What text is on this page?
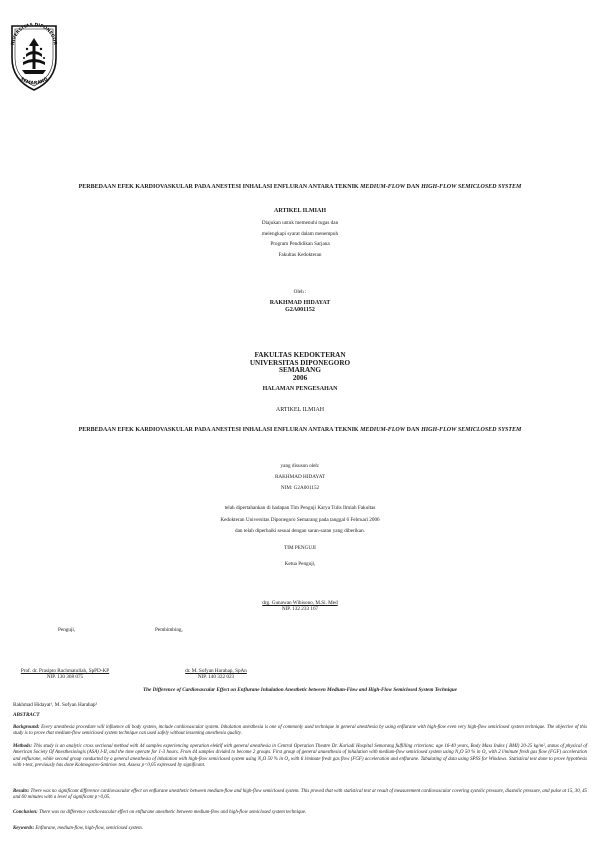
NIVERSITAS DIPONEGOR
SEMARANG
PERBEDAAN EFEK KARDIOVASKULAR PADA ANESTESI INHALASI ENFLURAN ANTARA TEKNIK MEDIUM-FLOW DAN HIGH-FLOW SEMICLOSED SYSTEM
ARTIKEL ILMIAH
Diajukan untuk memenuhi tugas dan
melengkapi syarat dalam menempuh
Program Pendidikan Sarjana
Fakultas Kedokteran
Oleh :
RAKHMAD HIDAYAT
G2A001152
FAKULTAS KEDOKTERAN
UNIVERSITAS DIPONEGORO
SEMARANG
2006
HALAMAN PENGESAHAN
ARTIKEL ILMIAH
PERBEDAAN EFEK KARDIOVASKULAR PADA ANESTESI INHALASI ENFLURAN ANTARA TEKNIK MEDIUM-FLOW DAN HIGH-FLOW SEMICLOSED SYSTEM
yang disusun oleh:
RAKHMAD HIDAYAT
NIM: G2A001152
telah dipertahankan di hadapan Tim Penguji Karya Tulis Ilmiah Fakultas
Kedokteran Universitas Diponegoro Semarang pada tanggal 6 Februari 2006
dan telah diperbaiki sesuai dengan saran-saran yang diberikan.
TIM PENGUJI
Ketua Penguji,
drg. Gunawan Wibisono, M.Si. Med
NIP. 132 233 167
Penguji,	Pembimbing,
Prof. dr. Prasipto Rachmatullah, SpPD-KP
NIP. 130 368 075
dr. M. Sofyan Harahap, SpAn
NIP. 140 322 023
The Difference of Cardiovascular Effect on Enflurane Inhalation Anesthetic between Medium-Flow and High-Flow Semiclosed System Technique
Rakhmad Hidayat¹, M. Sofyan Harahap²
ABSTRACT
Background: Every anesthesia procedure will influence all body system, include cardiovascular system. Inhalation anesthesia is one of commonly used technique in general anesthesia by using enflurane with high-flow even very high-flow semiclosed system technique. The objective of this study is to prove that medium-flow semiclosed system technique can used safely without lessening anesthesia quality.
Methods: This study is an analytic cross sectional method with 44 samples experiencing operation elektif with general anesthesia in Central Operation Theatre Dr. Kariadi Hospital Semarang fulfilling criterions: age 16-40 years, Body Mass Index ( BMI) 20-25 kg/m², status of physical of American Society Of Anesthesiologis (ASA) I-II, and the time operate for 1-3 hours. From 44 samples divided to become 2 groups. First group of general anaesthesia of inhalation with medium-flow semiclosed system using N₂O 50 % in O₂ with 2 l/minute fresh gas flow (FGF) acceleration and enflurane, while second group conducted by a general anesthesia of inhalation with high-flow semiclosed system using N₂O 50 % in O₂ with 6 l/minute fresh gas flow (FGF) acceleration and enflurane. Tabulating of data using SPSS for Windows. Statistical test done to prove hypothesis with t-test, previously has done Kolmogorov-Smirnov test. Assess p<0,05 expressed by significant.
Results: There was no significant difference cardiovascular effect on enflurane anesthetic between medium-flow and high-flow semiclosed system. This proved that with statistical test at result of measurement cardiovascular covering systolic pressure, diastolic pressure, and pulse at 15, 30, 45 and 60 minutes with a level of significant p>0,05.
Conclusion: There was no difference cardiovascular effect on enflurane anesthetic between medium-flow and high-flow semiclosed system technique.
Keywords: Enflurane, medium-flow, high-flow, semiclosed system.
